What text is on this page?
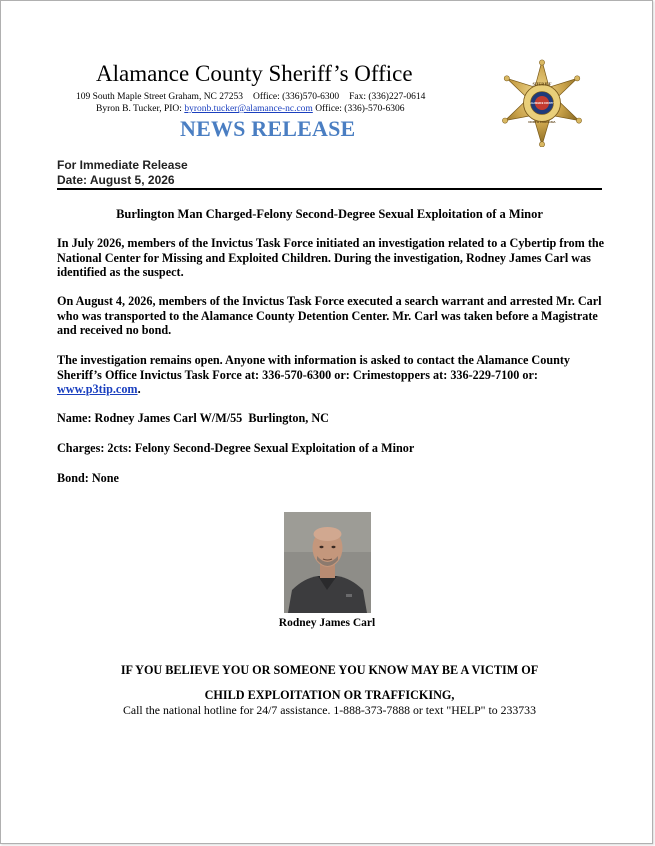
Alamance County Sheriff’s Office
109 South Maple Street Graham, NC 27253 Office: (336)570-6300 Fax: (336)227-0614
Byron B. Tucker, PIO: byronb.tucker@alamance-nc.com Office: (336)-570-6306
NEWS RELEASE
SHERIFF
ALAMANCE COUNTY
NORTH CAROLINA
For Immediate Release
Date: August 5, 2026
Burlington Man Charged-Felony Second-Degree Sexual Exploitation of a Minor
In July 2026, members of the Invictus Task Force initiated an investigation related to a Cybertip from the National Center for Missing and Exploited Children. During the investigation, Rodney James Carl was identified as the suspect.
On August 4, 2026, members of the Invictus Task Force executed a search warrant and arrested Mr. Carl who was transported to the Alamance County Detention Center. Mr. Carl was taken before a Magistrate and received no bond.
The investigation remains open. Anyone with information is asked to contact the Alamance County Sheriff’s Office Invictus Task Force at: 336-570-6300 or: Crimestoppers at: 336-229-7100 or: www.p3tip.com.
Name: Rodney James Carl W/M/55  Burlington, NC
Charges: 2cts: Felony Second-Degree Sexual Exploitation of a Minor
Bond: None
Rodney James Carl
IF YOU BELIEVE YOU OR SOMEONE YOU KNOW MAY BE A VICTIM OF
CHILD EXPLOITATION OR TRAFFICKING,
Call the national hotline for 24/7 assistance. 1-888-373-7888 or text "HELP" to 233733
